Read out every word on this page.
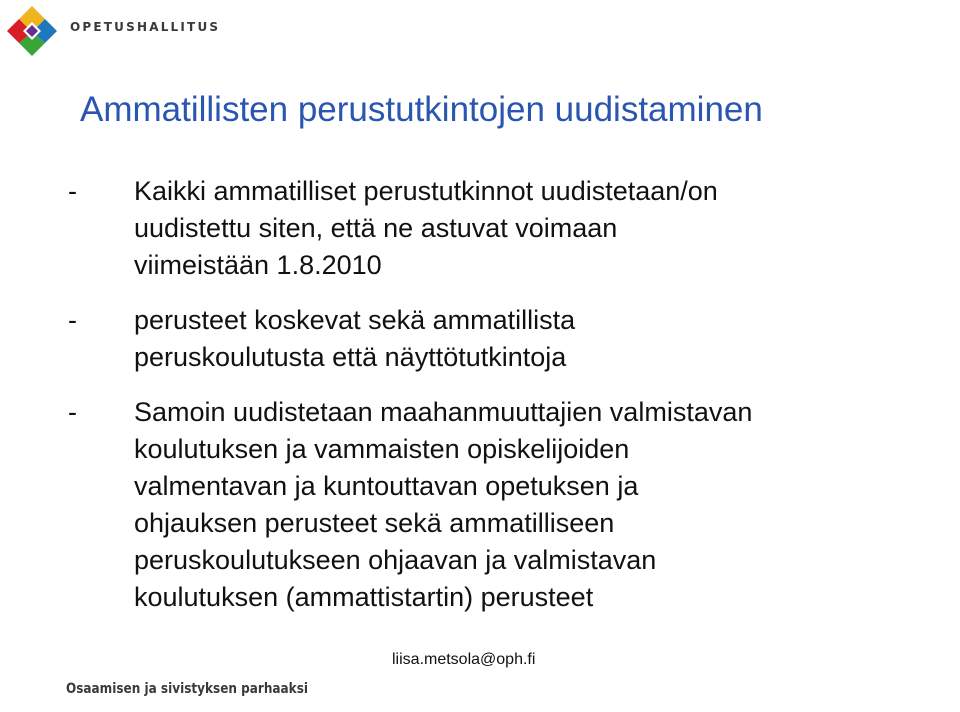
OPETUSHALLITUS
Ammatillisten perustutkintojen uudistaminen
- Kaikki ammatilliset perustutkinnot uudistetaan/on
uudistettu siten, että ne astuvat voimaan
viimeistään 1.8.2010
- perusteet koskevat sekä ammatillista
peruskoulutusta että näyttötutkintoja
- Samoin uudistetaan maahanmuuttajien valmistavan
koulutuksen ja vammaisten opiskelijoiden
valmentavan ja kuntouttavan opetuksen ja
ohjauksen perusteet sekä ammatilliseen
peruskoulutukseen ohjaavan ja valmistavan
koulutuksen (ammattistartin) perusteet
Osaamisen ja sivistyksen parhaaksi
liisa.metsola@oph.fi
